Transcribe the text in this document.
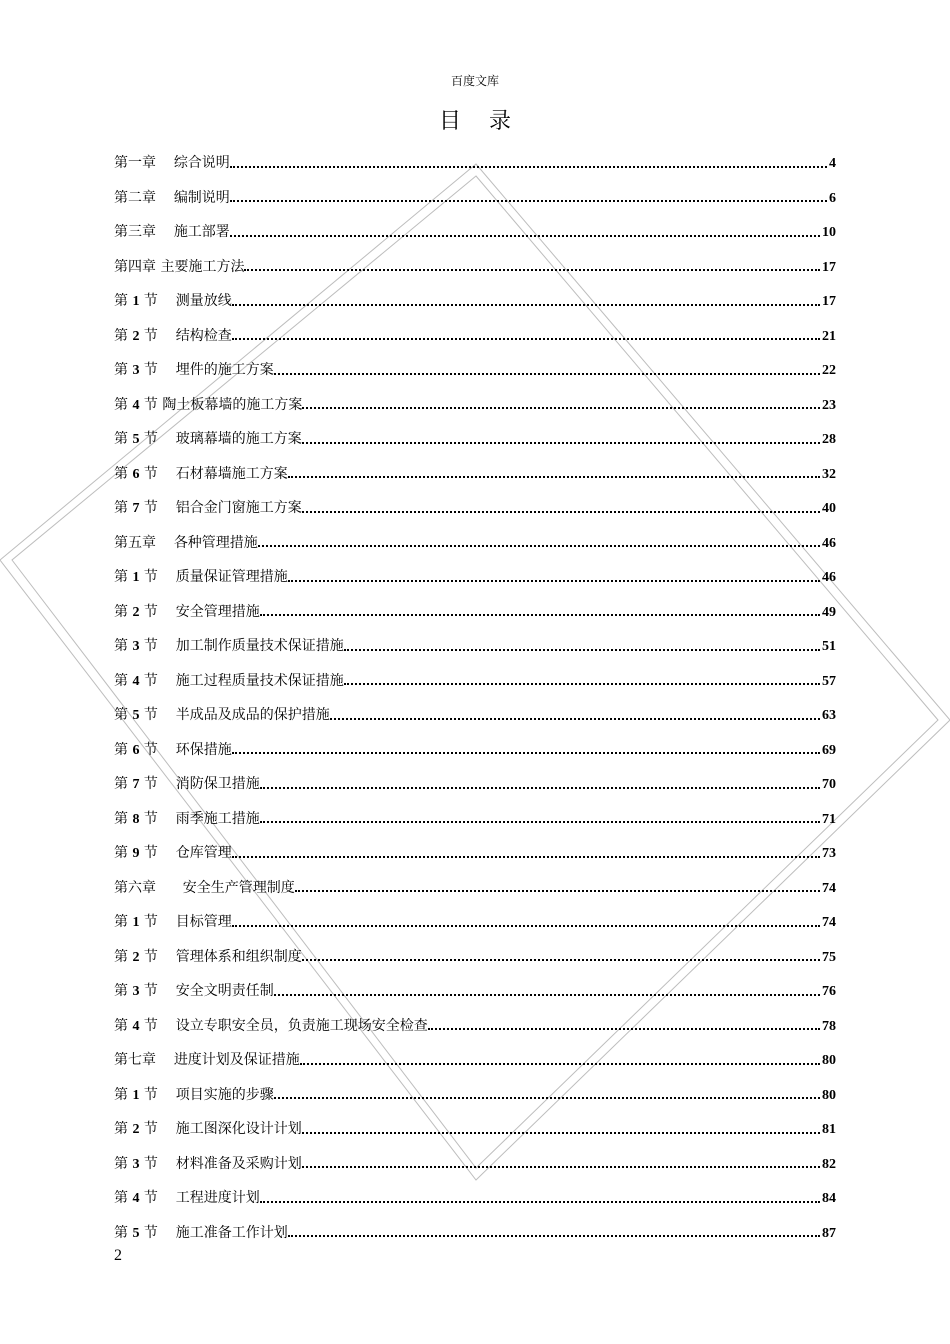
百度文库
目录
第一章	综合说明	4
第二章	编制说明	6
第三章	施工部署	10
第四章 主要施工方法	17
第 1 节	测量放线	17
第 2 节	结构检查	21
第 3 节	埋件的施工方案	22
第 4 节 陶土板幕墙的施工方案	23
第 5 节	玻璃幕墙的施工方案	28
第 6 节	石材幕墙施工方案	32
第 7 节	铝合金门窗施工方案	40
第五章	各种管理措施	46
第 1 节	质量保证管理措施	46
第 2 节	安全管理措施	49
第 3 节	加工制作质量技术保证措施	51
第 4 节	施工过程质量技术保证措施	57
第 5 节	半成品及成品的保护措施	63
第 6 节	环保措施	69
第 7 节	消防保卫措施	70
第 8 节	雨季施工措施	71
第 9 节	仓库管理	73
第六章	安全生产管理制度	74
第 1 节	目标管理	74
第 2 节	管理体系和组织制度	75
第 3 节	安全文明责任制	76
第 4 节	设立专职安全员，负责施工现场安全检查	78
第七章	进度计划及保证措施	80
第 1 节	项目实施的步骤	80
第 2 节	施工图深化设计计划	81
第 3 节	材料准备及采购计划	82
第 4 节	工程进度计划	84
第 5 节	施工准备工作计划	87
2
